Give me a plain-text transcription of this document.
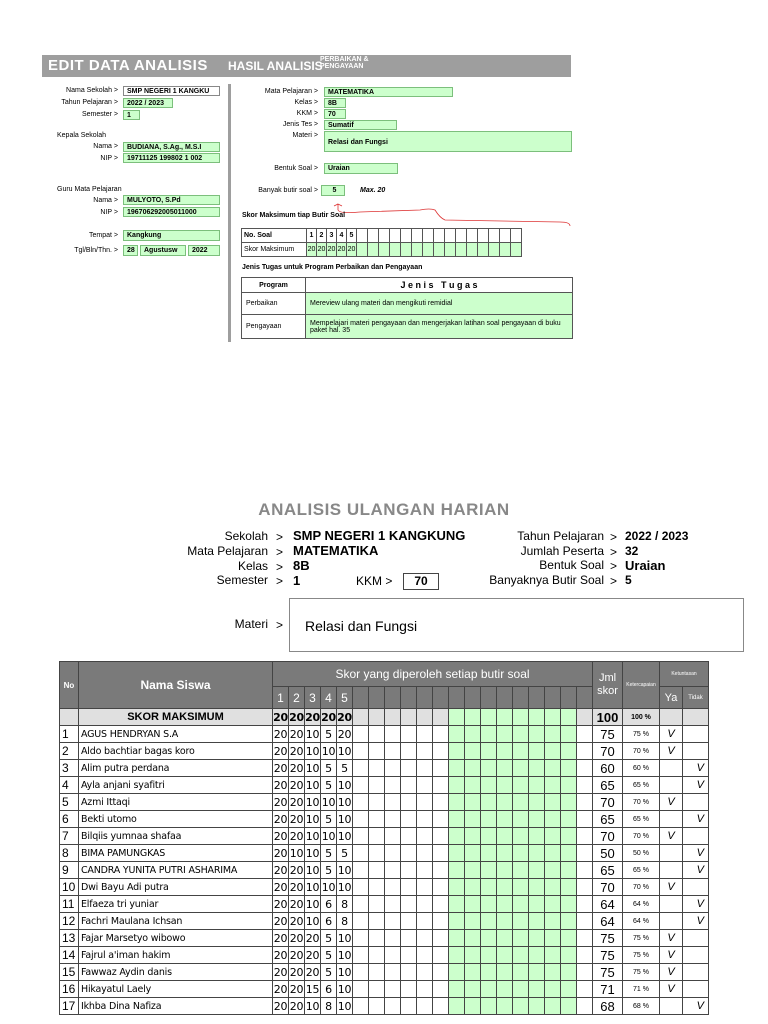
EDIT DATA ANALISIS HASIL ANALISIS
PERBAIKAN &
PENGAYAAN
Nama Sekolah >	SMP NEGERI 1 KANGKU
Tahun Pelajaran >	2022 / 2023
Semester >	1
Kepala Sekolah
Nama >	BUDIANA, S.Ag., M.S.I
NIP >	19711125 199802 1 002
Guru Mata Pelajaran
Nama >	MULYOTO, S.Pd
NIP >	196706292005011000
Tempat >	Kangkung
Tgl/Bln/Thn. >	28	Agustusw	2022
Mata Pelajaran >	MATEMATIKA
Kelas >	8B
KKM >	70
Jenis Tes >	Sumatif
Materi >
Relasi dan Fungsi
Bentuk Soal >	Uraian
Banyak butir soal >	5	Max. 20
Skor Maksimum tiap Butir Soal
No. Soal	1	2	3	4	5															
Skor Maksimum	20	20	20	20	20															
Jenis Tugas untuk Program Perbaikan dan Pengayaan
Program	J e n i s   T u g a s
Perbaikan	Mereview ulang materi dan mengikuti remidial
Pengayaan	Mempelajari materi pengayaan dan mengerjakan latihan soal pengayaan di buku paket hal. 35
ANALISIS ULANGAN HARIAN
Sekolah > SMP NEGERI 1 KANGKUNG
Mata Pelajaran > MATEMATIKA
Kelas > 8B
Semester > 1	KKM >	70
Tahun Pelajaran > 2022 / 2023
Jumlah Peserta > 32
Bentuk Soal > Uraian
Banyaknya Butir Soal > 5
Materi > Relasi dan Fungsi
No	Nama Siswa	Skor yang diperoleh setiap butir soal																				Jml skor	Ketercapaian	Ketuntasan	
		1	2	3	4	5																		Ya	Tidak
	SKOR MAKSIMUM	20	20	20	20	20																100	100 %		
1	AGUS HENDRYAN S.A	20	20	10	5	20																75	75 %	V	
2	Aldo bachtiar bagas koro	20	20	10	10	10																70	70 %	V	
3	Alim putra perdana	20	20	10	5	5																60	60 %		V
4	Ayla anjani syafitri	20	20	10	5	10																65	65 %		V
5	Azmi Ittaqi	20	20	10	10	10																70	70 %	V	
6	Bekti utomo	20	20	10	5	10																65	65 %		V
7	Bilqiis yumnaa shafaa	20	20	10	10	10																70	70 %	V	
8	BIMA PAMUNGKAS	20	10	10	5	5																50	50 %		V
9	CANDRA YUNITA PUTRI ASHARIMA	20	20	10	5	10																65	65 %		V
10	Dwi Bayu Adi putra	20	20	10	10	10																70	70 %	V	
11	Elfaeza tri yuniar	20	20	10	6	8																64	64 %		V
12	Fachri Maulana Ichsan	20	20	10	6	8																64	64 %		V
13	Fajar Marsetyo wibowo	20	20	20	5	10																75	75 %	V	
14	Fajrul a'iman hakim	20	20	20	5	10																75	75 %	V	
15	Fawwaz Aydin danis	20	20	20	5	10																75	75 %	V	
16	Hikayatul Laely	20	20	15	6	10																71	71 %	V	
17	Ikhba Dina Nafiza	20	20	10	8	10																68	68 %		V
